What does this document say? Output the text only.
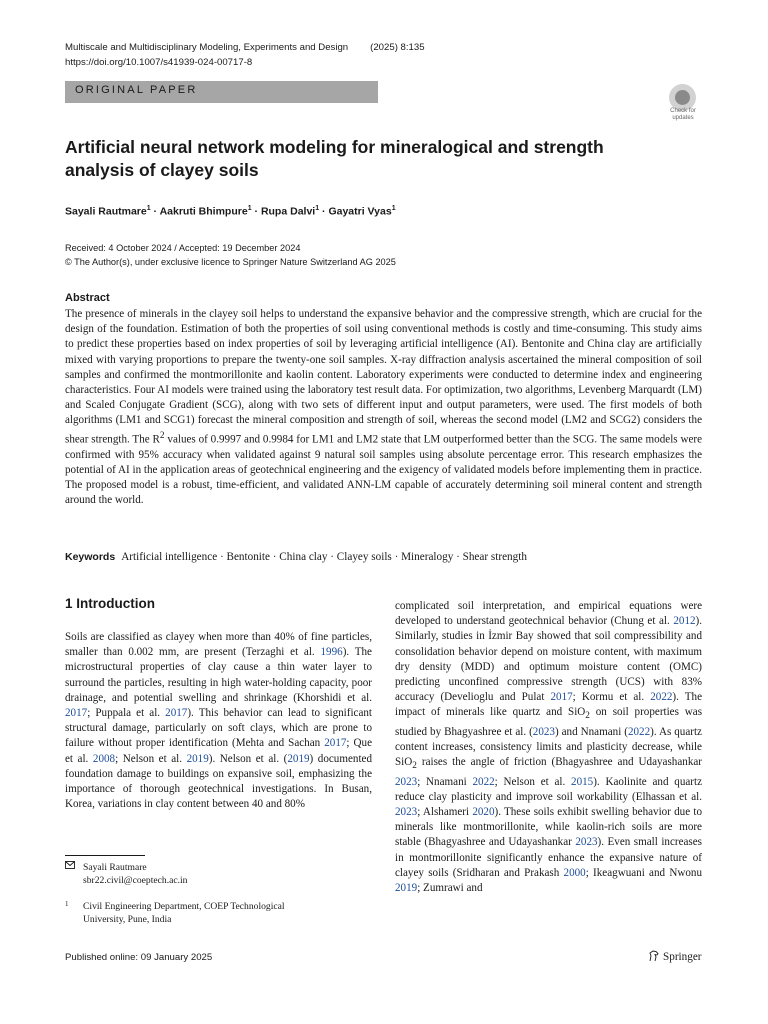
Multiscale and Multidisciplinary Modeling, Experiments and Design (2025) 8:135
https://doi.org/10.1007/s41939-024-00717-8
ORIGINAL PAPER
Check for
updates
Artificial neural network modeling for mineralogical and strength analysis of clayey soils
Sayali Rautmare$^1$ · Aakruti Bhimpure$^1$ · Rupa Dalvi$^1$ · Gayatri Vyas$^1$
Received: 4 October 2024 / Accepted: 19 December 2024
© The Author(s), under exclusive licence to Springer Nature Switzerland AG 2025
Abstract

The presence of minerals in the clayey soil helps to understand the expansive behavior and the compressive strength, which are crucial for the design of the foundation. Estimation of both the properties of soil using conventional methods is costly and time-consuming. This study aims to predict these properties based on index properties of soil by leveraging artificial intelligence (AI). Bentonite and China clay are artificially mixed with varying proportions to prepare the twenty-one soil samples. X-ray diffraction analysis ascertained the mineral composition of soil samples and confirmed the montmorillonite and kaolin content. Laboratory experiments were conducted to determine index and engineering characteristics. Four AI models were trained using the laboratory test result data. For optimization, two algorithms, Levenberg Marquardt (LM) and Scaled Conjugate Gradient (SCG), along with two sets of different input and output parameters, were used. The first models of both algorithms (LM1 and SCG1) forecast the mineral composition and strength of soil, whereas the second model (LM2 and SCG2) considers the shear strength. The $R^2$ values of 0.9997 and 0.9984 for LM1 and LM2 state that LM outperformed better than the SCG. The same models were confirmed with 95% accuracy when validated against 9 natural soil samples using absolute percentage error. This research emphasizes the potential of AI in the application areas of geotechnical engineering and the exigency of validated models before implementing them in practice. The proposed model is a robust, time-efficient, and validated ANN-LM capable of accurately determining soil mineral content and strength around the world.

Keywords Artificial intelligence · Bentonite · China clay · Clayey soils · Mineralogy · Shear strength
1 Introduction

Soils are classified as clayey when more than 40% of fine particles, smaller than 0.002 mm, are present (Terzaghi et al. 1996). The microstructural properties of clay cause a thin water layer to surround the particles, resulting in high water-holding capacity, poor drainage, and potential swelling and shrinkage (Khorshidi et al. 2017; Puppala et al. 2017). This behavior can lead to significant structural damage, particularly on soft clays, which are prone to failure without proper identification (Mehta and Sachan 2017; Que et al. 2008; Nelson et al. 2019). Nelson et al. (2019) documented foundation damage to buildings on expansive soil, emphasizing the importance of thorough geotechnical investigations. In Busan, Korea, variations in clay content between 40 and 80%

complicated soil interpretation, and empirical equations were developed to understand geotechnical behavior (Chung et al. 2012). Similarly, studies in İzmir Bay showed that soil compressibility and consolidation behavior depend on moisture content, with maximum dry density (MDD) and optimum moisture content (OMC) predicting unconfined compressive strength (UCS) with 83% accuracy (Develioglu and Pulat 2017; Kormu et al. 2022). The impact of minerals like quartz and SiO$_2$ on soil properties was studied by Bhagyashree et al. (2023) and Nnamani (2022). As quartz content increases, consistency limits and plasticity decrease, while SiO$_2$ raises the angle of friction (Bhagyashree and Udayashankar 2023; Nnamani 2022; Nelson et al. 2015). Kaolinite and quartz reduce clay plasticity and improve soil workability (Elhassan et al. 2023; Alshameri 2020). These soils exhibit swelling behavior due to minerals like montmorillonite, while kaolin-rich soils are more stable (Bhagyashree and Udayashankar 2023). Even small increases in montmorillonite significantly enhance the expansive nature of clayey soils (Sridharan and Prakash 2000; Ikeagwuani and Nwonu 2019; Zumrawi and

Sayali Rautmare
sbr22.civil@coeptech.ac.in
1 Civil Engineering Department, COEP Technological
University, Pune, India
Published online: 09 January 2025	Springer
